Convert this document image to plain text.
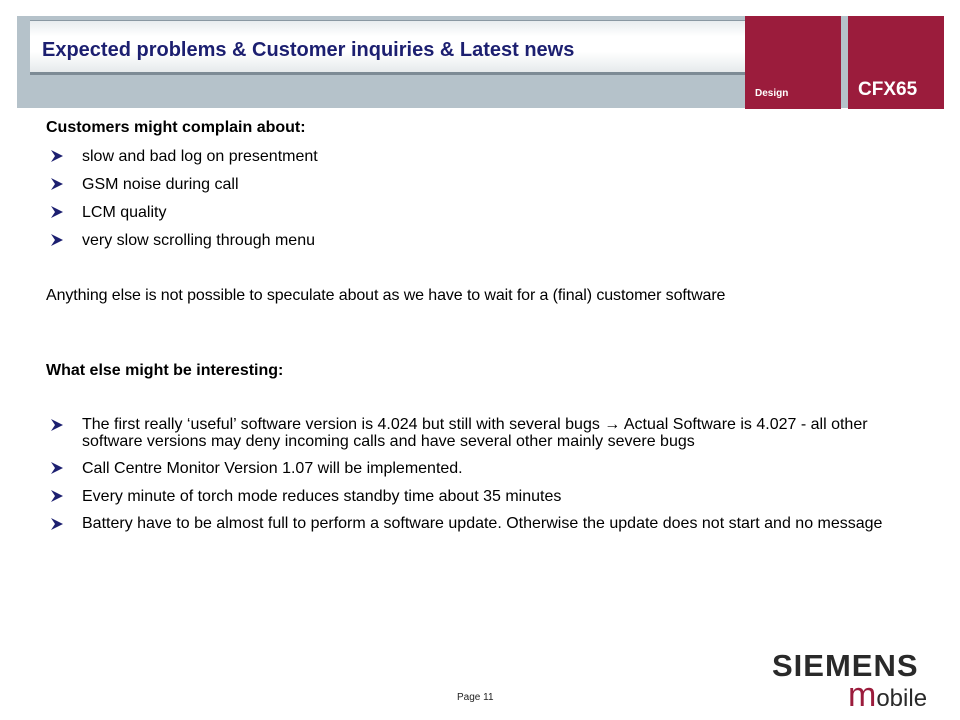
Expected problems & Customer inquiries & Latest news
Design	CFX65

Customers might complain about:

slow and bad log on presentment
GSM noise during call
LCM quality
very slow scrolling through menu

Anything else is not possible to speculate about as we have to wait for a (final) customer software

What else might be interesting:

The first really ‘useful’ software version is 4.024 but still with several bugs → Actual Software is 4.027 - all other software versions may deny incoming calls and have several other mainly severe bugs
Call Centre Monitor Version 1.07 will be implemented.
Every minute of torch mode reduces standby time about 35 minutes
Battery have to be almost full to perform a software update. Otherwise the update does not start and no message
Page 11
SIEMENS
mobile
